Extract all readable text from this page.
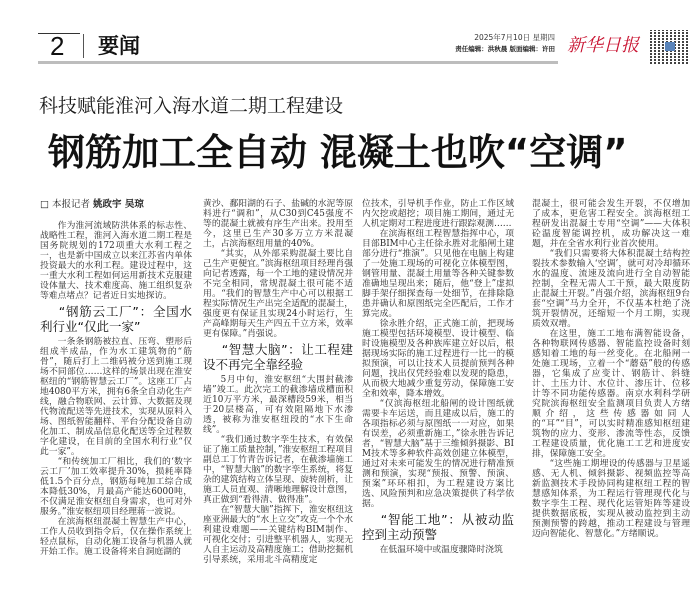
2 要闻	2025年7月10日 星期四
责任编辑：洪秋晨 版面编辑：许田 新华日报
科技赋能淮河入海水道二期工程建设
钢筋加工全自动 混凝土也吹“空调”
□ 本报记者 姚政宇 吴琼

作为淮河流域防洪体系的标志性、战略性工程，淮河入海水道二期工程是国务院规划的172项重大水利工程之一，也是新中国成立以来江苏省内单体投资最大的水利工程。建设过程中，这一重大水利工程如何运用新技术克服建设体量大、技术难度高、施工组织复杂等难点堵点？记者近日实地探访。

“钢筋云工厂”：全国水利行业“仅此一家”

一条条钢筋被拉直、压弯、塑形后组成半成品，作为水工建筑物的“筋骨”，随后打上二维码被分送到施工现场不同部位……这样的场景出现在淮安枢纽的“钢筋智慧云工厂”。这座工厂占地4080平方米，拥有6条全自动化生产线，融合物联网、云计算、大数据及现代物流配送等先进技术，实现从原料入场、图纸智能翻样、平台分配设备自动化加工、制成品信息化配送等全过程数字化建设，在目前的全国水利行业“仅此一家”。

“和传统加工厂相比，我们的‘数字云工厂’加工效率提升30%，损耗率降低1.5个百分点，钢筋每吨加工综合成本降低30%，月最高产能达6000吨，不仅满足淮安枢纽自身需求，也可对外服务。”淮安枢纽项目经理蒋一波说。

在滨海枢纽混凝土智慧生产中心，工作人员收到指令后，仅在操作系统上轻点鼠标，自动化施工设备与机器人就开始工作。施工设备将来自洞庭湖的

黄沙、鄱阳湖的石子、盐碱的水泥等原料进行“调和”，从C30到C45强度不等的混凝土就被有序生产出来。投用至今，这里已生产30多万立方米混凝土，占滨海枢纽用量的40%。

“其实，从外部采购混凝土要比自己生产更便宜。”滨海枢纽项目经理肖强向记者透露，每一个工地的建设情况并不完全相同，常规混凝土很可能不适用。“我们的智慧生产中心可以根据工程实际情况生产出完全适配的混凝土，强度更有保证且实现24小时运行，生产高峰期每天生产四五千立方米，效率更有保障。”肖强说。

“智慧大脑”：让工程建设不再完全靠经验

5月中旬，淮安枢纽“大围封截渗墙”竣工。此次完工的截渗墙成槽面积近10万平方米，最深槽段59米，相当于20层楼高，可有效阻隔地下水渗透，被称为淮安枢纽段的“水下生命线”。

“我们通过数字孪生技术，有效保证了施工质量控制，”淮安枢纽工程项目副总工丁竹青告诉记者，在截渗墙施工中，“智慧大脑”的数字孪生系统，将复杂的建筑结构立体呈现、旋转剖析，让施工人员直观、清晰地理解设计意图，真正做到“看得清、做得准”。

在“智慧大脑”指挥下，淮安枢纽这座亚洲最大的“水上立交”攻克一个个水利建设难题——关键结构BIM制作、可视化交付；引进整平机器人，实现无人自主运动及高精度施工；借助挖掘机引导系统，采用北斗高精度定

位技术，引导机手作业，防止工作区域内欠挖或超挖；项目施工期间，通过无人机定期对工程进度进行跟踪观测……

在滨海枢纽工程智慧指挥中心，项目部BIM中心主任徐永胜对北船闸土建部分进行“推演”。只见他在电脑上构建了一处施工现场的可视化立体模型图，钢管用量、混凝土用量等各种关键参数准确地呈现出来；随后，他“登上”虚拟脚手架仔细探查每一处细节，在排除隐患并确认和原图纸完全匹配后，工作才算完成。

徐永胜介绍，正式施工前，把现场施工模型包括环境模型、设计模型、临时设施模型及各种族库建立好以后，根据现场实际的施工过程进行一比一的模拟预演，可以让技术人员提前预判各种问题，找出仅凭经验难以发现的隐患，从而极大地减少重复劳动，保障施工安全和效率，降本增效。

“仅滨海枢纽北船闸的设计图纸就需要卡车运送，而且建成以后，施工的各项指标必须与原图纸一一对应，如果有误差，必须重新施工，”徐永胜告诉记者，“智慧大脑”基于三维倾斜摄影、BIM技术等多种软件高效创建立体模型，通过对未来可能发生的情况进行精准预测和预演，实现“预报、预警、预演、预案”环环相扣，为工程建设方案比选、风险预判和应急决策提供了科学依据。

“智能工地”：从被动监控到主动预警

在低温环境中或温度骤降时浇筑

混凝土，很可能会发生开裂，不仅增加了成本，更危害工程安全。滨海枢纽工程研发出混凝土专用“空调”——大体积砼温度智能调控机，成功解决这一难题，并在全省水利行业首次使用。

“我们只需要将大体积混凝土结构控裂技术参数输入‘空调’，就可对冷却循环水的温度、流速及流向进行全自动智能控制，全程无需人工干预，最大限度防止混凝土开裂。”肖强介绍，滨海枢纽9台套“空调”马力全开，不仅基本杜绝了浇筑开裂情况，还缩短一个月工期，实现质效双增。

在这里，施工工地布满智能设备，各种物联网传感器、智能监控设备时刻感知着工地的每一丝变化。在北船闸一处施工现场，立着一个“蘑菇”般的传感器，它集成了应变计、钢筋计、斜缝计、土压力计、水位计、渗压计、位移计等不同功能传感器。南京水利科学研究院滨海枢纽安全监测项目负责人方绪顺介绍，这些传感器如同人的“耳”“目”，可以实时精准感知枢纽建筑物的应力、变形、渗流等性态，反馈工程建设质量，优化施工工艺和进度安排，保障施工安全。

“这些施工期埋设的传感器与卫星遥感、无人机、倾斜摄影、视频监控等高新监测技术手段协同构建枢纽工程的智慧感知体系，为工程运行管理现代化与数字孪生工程、现代化运管矩阵等建设提供数据底板，实现从被动监控到主动预测预警的跨越，推动工程建设与管理迈向智能化、智慧化。”方绪顺说。
